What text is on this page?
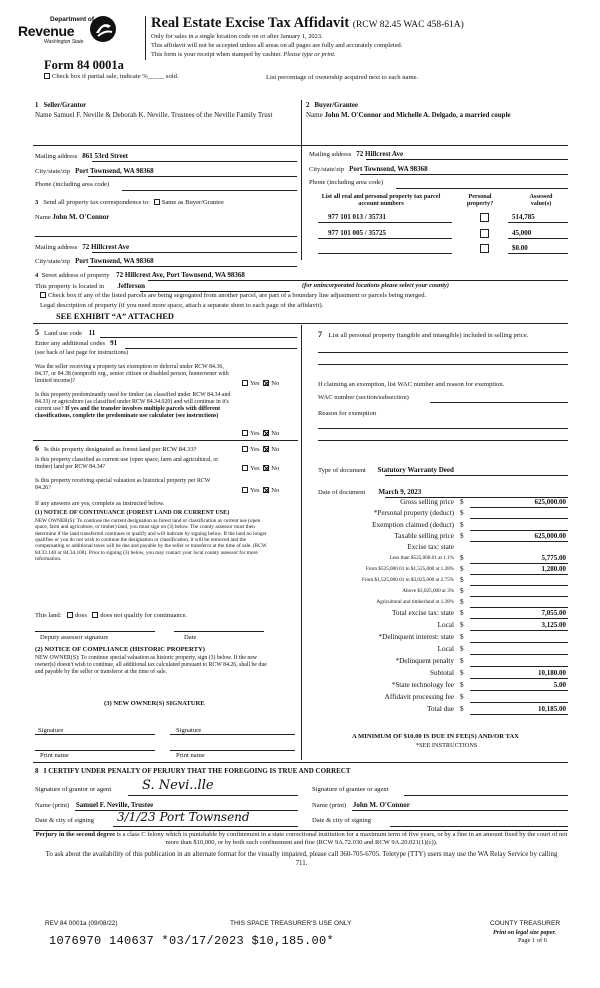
Department of
Revenue
Washington State
Real Estate Excise Tax Affidavit (RCW 82.45 WAC 458-61A)
Only for sales in a single location code on or after January 1, 2023.
This affidavit will not be accepted unless all areas on all pages are fully and accurately completed.
This form is your receipt when stamped by cashier. Please type or print.
Form 84 0001a
Check box if partial sale, indicate %_____ sold.	List percentage of ownership acquired next to each name.
1 Seller/Grantor
Name Samuel F. Neville & Deborah K. Neville. Trustees of the Neville Family Trust
2 Buyer/Grantee
Name John M. O'Connor and Michelle A. Delgado, a married couple
Mailing address 861 53rd Street
City/state/zip Port Townsend, WA 98368
Phone (including area code)
Mailing address 72 Hillcrest Ave
City/state/zip Port Townsend, WA 98368
Phone (including area code)
3 Send all property tax correspondence to: Same as Buyer/Grantee
Name John M. O'Connor
Mailing address 72 Hillcrest Ave
City/state/zip Port Townsend, WA 98368
List all real and personal property tax parcel account numbers
Personal property?
Assessed value(s)
977 101 013 / 35731	514,785
977 101 005 / 35725	45,000
$0.00
4 Street address of property 72 Hillcrest Ave, Port Townsend, WA 98368
This property is located in Jefferson	(for unincorporated locations please select your county)
Check box if any of the listed parcels are being segregated from another parcel, are part of a boundary line adjustment or parcels being merged.
Legal description of property (if you need more space, attach a separate sheet to each page of the affidavit).
SEE EXHIBIT “A” ATTACHED
5 Land use code 11
Enter any additional codes 91
(see back of last page for instructions)
Was the seller receiving a property tax exemption or deferral under RCW 84.36, 84.37, or 84.38 (nonprofit org., senior citizen or disabled person, homeowner with limited income)?	Yes No
Is this property predominantly used for timber (as classified under RCW 84.34 and 84.33) or agriculture (as classified under RCW 84.34.020) and will continue in it's current use? If yes and the transfer involves multiple parcels with different classifications, complete the predominate use calculator (see instructions)
Yes No
6 Is this property designated as forest land per RCW 84.33?	Yes No
Is this property classified as current use (open space, farm and agricultural, or timber) land per RCW 84.34?	Yes No
Is this property receiving special valuation as historical property per RCW 84.26?	Yes No
If any answers are yes, complete as instructed below.
(1) NOTICE OF CONTINUANCE (FOREST LAND OR CURRENT USE)
NEW OWNER(S): To continue the current designation as forest land or classification as current use (open space, farm and agriculture, or timber) land, you must sign on (3) below. The county assessor must then determine if the land transferred continues to qualify and will indicate by signing below. If the land no longer qualifies or you do not wish to continue the designation or classification, it will be removed and the compensating or additional taxes will be due and payable by the seller or transferor at the time of sale. (RCW 84.33.140 or 84.34.108). Prior to signing (3) below, you may contact your local county assessor for more information.
This land: does does not qualify for continuance.
Deputy assessor signature	Date
(2) NOTICE OF COMPLIANCE (HISTORIC PROPERTY)
NEW OWNER(S): To continue special valuation as historic property, sign (3) below. If the new owner(s) doesn't wish to continue, all additional tax calculated pursuant to RCW 84.26, shall be due and payable by the seller or transferor at the time of sale.
(3) NEW OWNER(S) SIGNATURE
Signature	Signature
Print name	Print name
7 List all personal property (tangible and intangible) included in selling price.
If claiming an exemption, list WAC number and reason for exemption.
WAC number (section/subsection)
Reason for exemption
Type of document Statutory Warranty Deed
Date of document March 9, 2023
Gross selling price $	625,000.00
*Personal property (deduct) $
Exemption claimed (deduct) $
Taxable selling price $	625,000.00
Excise tax: state
Less than $525,000.01 at 1.1% $	5,775.00
From $525,000.01 to $1,525,000 at 1.28% $	1,280.00
From $1,525,000.01 to $3,025,000 at 2.75% $
Above $3,025,000 at 3% $
Agricultural and timberland at 1.28% $
Total excise tax: state $	7,055.00
Local $	3,125.00
*Delinquent interest: state $
Local $
*Delinquent penalty $
Subtotal $	10,180.00
*State technology fee $	5.00
Affidavit processing fee $
Total due $	10,185.00
A MINIMUM OF $10.00 IS DUE IN FEE(S) AND/OR TAX
*SEE INSTRUCTIONS
8 I CERTIFY UNDER PENALTY OF PERJURY THAT THE FOREGOING IS TRUE AND CORRECT
Signature of grantor or agent S. Nevi..lle	Signature of grantee or agent
Name (print) Samuel F. Neville, Trustee	Name (print) John M. O'Connor
Date & city of signing 3/1/23 Port Townsend	Date & city of signing
Perjury in the second degree is a class C felony which is punishable by confinement in a state correctional institution for a maximum term of five years, or by a fine in an amount fixed by the court of not more than $10,000, or by both such confinement and fine (RCW 9A.72.030 and RCW 9A.20.021(1)(c)).
To ask about the availability of this publication in an alternate format for the visually impaired, please call 360-705-6705. Teletype (TTY) users may use the WA Relay Service by calling 711.
REV 84 0001a (09/08/22)	THIS SPACE TREASURER'S USE ONLY	COUNTY TREASURER
Print on legal size paper.
Page 1 of 6
1076970 140637 *03/17/2023 $10,185.00*
